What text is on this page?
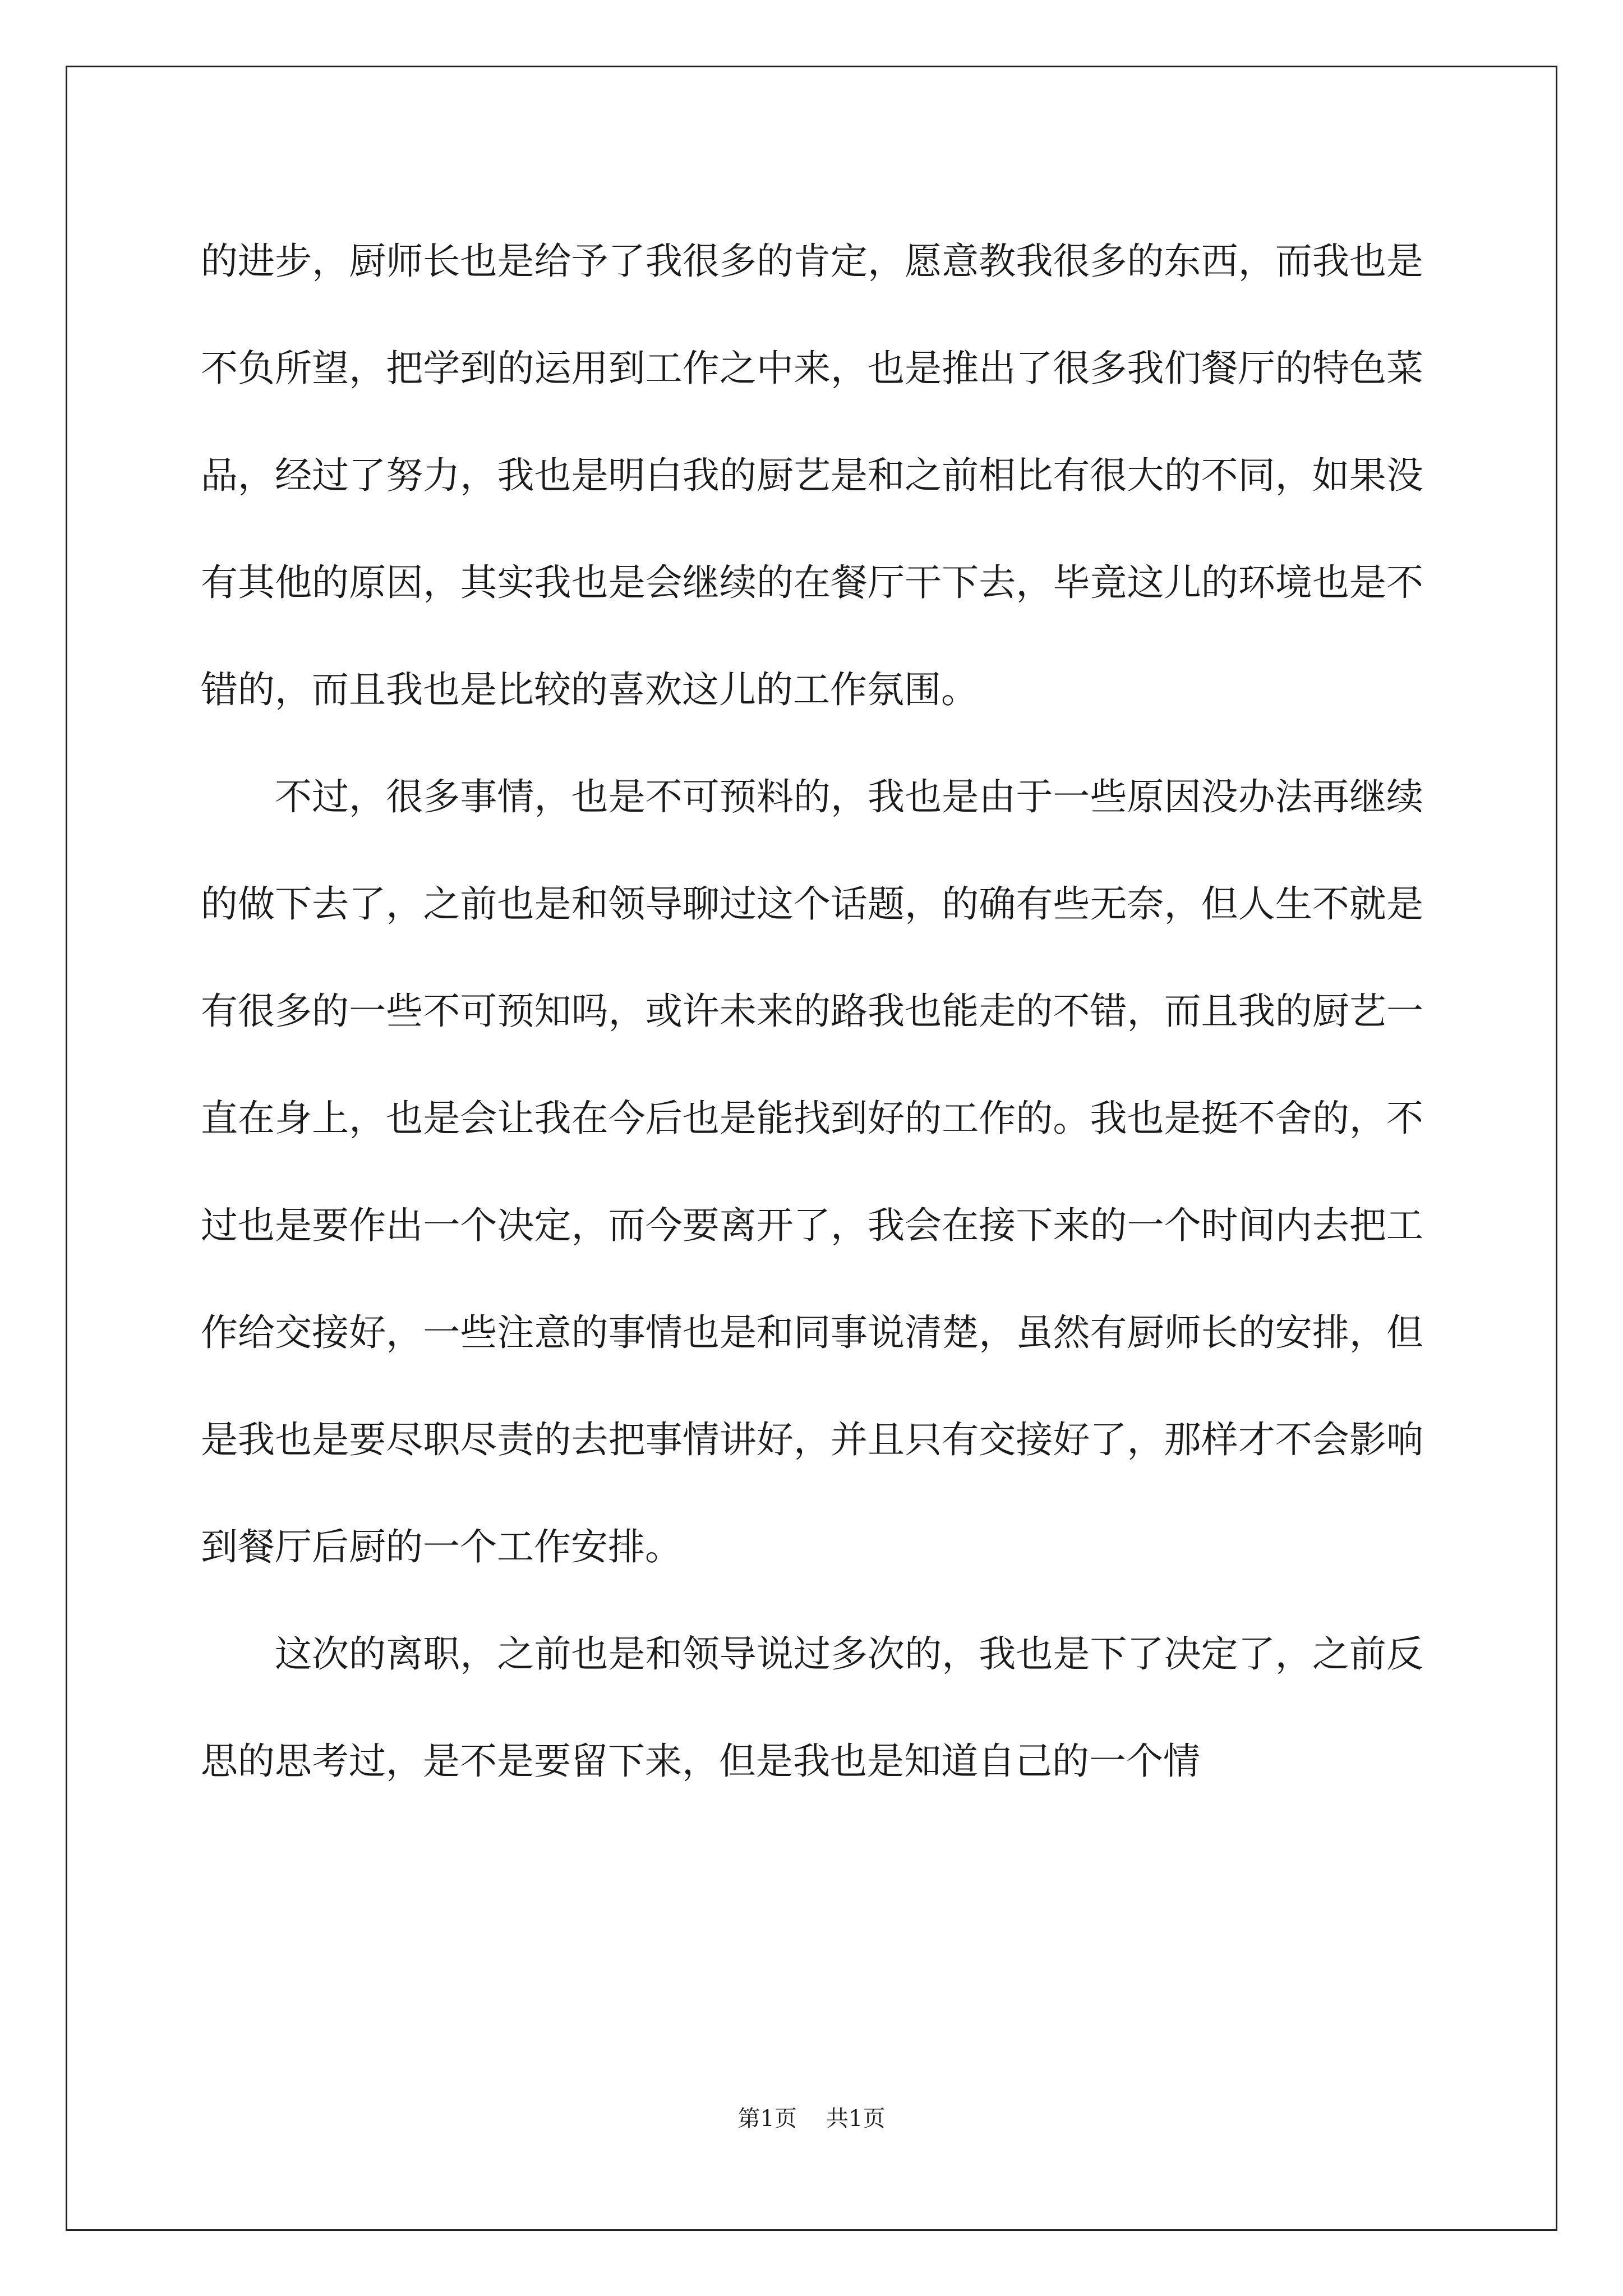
的进步，厨师长也是给予了我很多的肯定，愿意教我很多的东西，而我也是不负所望，把学到的运用到工作之中来，也是推出了很多我们餐厅的特色菜品，经过了努力，我也是明白我的厨艺是和之前相比有很大的不同，如果没有其他的原因，其实我也是会继续的在餐厅干下去，毕竟这儿的环境也是不错的，而且我也是比较的喜欢这儿的工作氛围。

不过，很多事情，也是不可预料的，我也是由于一些原因没办法再继续的做下去了，之前也是和领导聊过这个话题，的确有些无奈，但人生不就是有很多的一些不可预知吗，或许未来的路我也能走的不错，而且我的厨艺一直在身上，也是会让我在今后也是能找到好的工作的。我也是挺不舍的，不过也是要作出一个决定，而今要离开了，我会在接下来的一个时间内去把工作给交接好，一些注意的事情也是和同事说清楚，虽然有厨师长的安排，但是我也是要尽职尽责的去把事情讲好，并且只有交接好了，那样才不会影响到餐厅后厨的一个工作安排。

这次的离职，之前也是和领导说过多次的，我也是下了决定了，之前反思的思考过，是不是要留下来，但是我也是知道自己的一个情

第1页 共1页
